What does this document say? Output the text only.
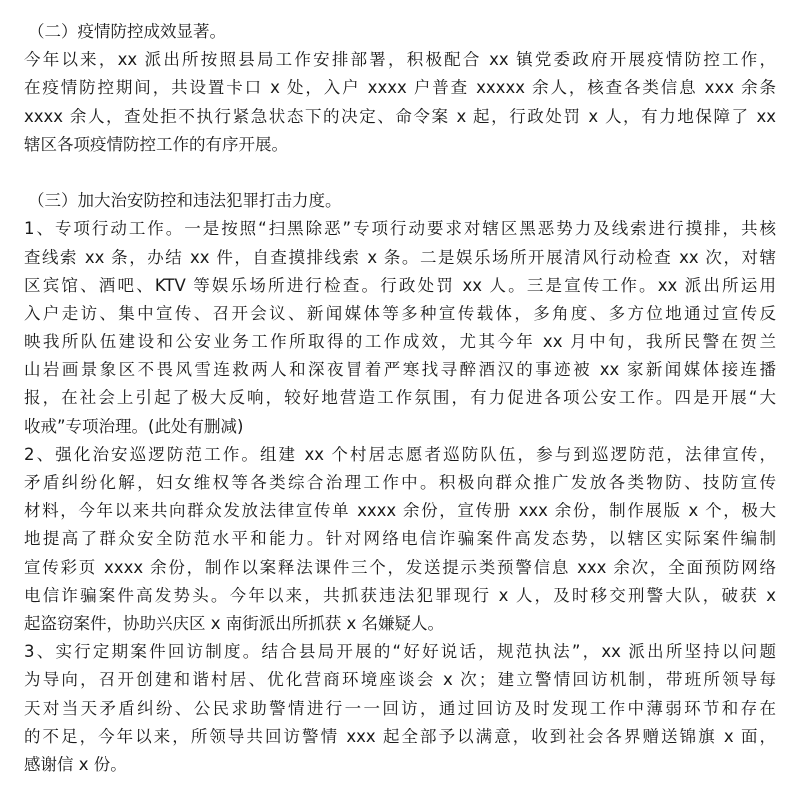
（二）疫情防控成效显著。
今年以来，xx 派出所按照县局工作安排部署，积极配合 xx 镇党委政府开展疫情防控工作，
在疫情防控期间，共设置卡口 x 处，入户 xxxx 户普查 xxxxx 余人，核查各类信息 xxx 余条
xxxx 余人，查处拒不执行紧急状态下的决定、命令案 x 起，行政处罚 x 人，有力地保障了 xx
辖区各项疫情防控工作的有序开展。
（三）加大治安防控和违法犯罪打击力度。
1、专项行动工作。一是按照“扫黑除恶”专项行动要求对辖区黑恶势力及线索进行摸排，共核
查线索 xx 条，办结 xx 件，自查摸排线索 x 条。二是娱乐场所开展清风行动检查 xx 次，对辖
区宾馆、酒吧、KTV 等娱乐场所进行检查。行政处罚 xx 人。三是宣传工作。xx 派出所运用
入户走访、集中宣传、召开会议、新闻媒体等多种宣传载体，多角度、多方位地通过宣传反
映我所队伍建设和公安业务工作所取得的工作成效，尤其今年 xx 月中旬，我所民警在贺兰
山岩画景象区不畏风雪连救两人和深夜冒着严寒找寻醉酒汉的事迹被 xx 家新闻媒体接连播
报，在社会上引起了极大反响，较好地营造工作氛围，有力促进各项公安工作。四是开展“大
收戒”专项治理。(此处有删减)
2、强化治安巡逻防范工作。组建 xx 个村居志愿者巡防队伍，参与到巡逻防范，法律宣传，
矛盾纠纷化解，妇女维权等各类综合治理工作中。积极向群众推广发放各类物防、技防宣传
材料，今年以来共向群众发放法律宣传单 xxxx 余份，宣传册 xxx 余份，制作展版 x 个，极大
地提高了群众安全防范水平和能力。针对网络电信诈骗案件高发态势，以辖区实际案件编制
宣传彩页 xxxx 余份，制作以案释法课件三个，发送提示类预警信息 xxx 余次，全面预防网络
电信诈骗案件高发势头。今年以来，共抓获违法犯罪现行 x 人，及时移交刑警大队，破获 x
起盗窃案件，协助兴庆区 x 南街派出所抓获 x 名嫌疑人。
3、实行定期案件回访制度。结合县局开展的“好好说话，规范执法”，xx 派出所坚持以问题
为导向，召开创建和谐村居、优化营商环境座谈会 x 次；建立警情回访机制，带班所领导每
天对当天矛盾纠纷、公民求助警情进行一一回访，通过回访及时发现工作中薄弱环节和存在
的不足，今年以来，所领导共回访警情 xxx 起全部予以满意，收到社会各界赠送锦旗 x 面，
感谢信 x 份。
